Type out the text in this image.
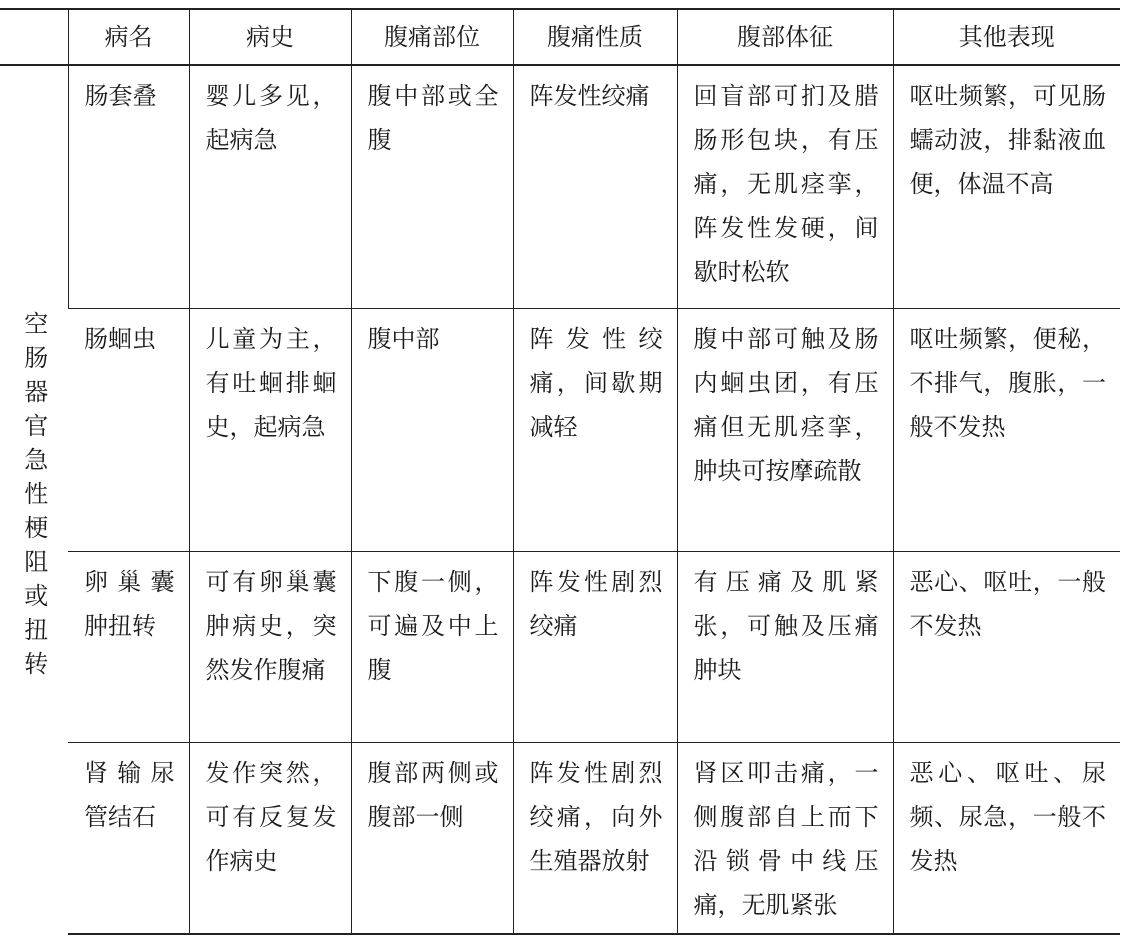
	病名	病史	腹痛部位	腹痛性质	腹部体征	其他表现
空肠器官急性梗阻或扭转	肠套叠	婴儿多见，起病急	腹中部或全腹	阵发性绞痛	回盲部可扪及腊肠形包块，有压痛，无肌痉挛，阵发性发硬，间歇时松软	呕吐频繁，可见肠蠕动波，排黏液血便，体温不高
	肠蛔虫	儿童为主，有吐蛔排蛔史，起病急	腹中部	阵发性绞痛，间歇期减轻	腹中部可触及肠内蛔虫团，有压痛但无肌痉挛，肿块可按摩疏散	呕吐频繁，便秘，不排气，腹胀，一般不发热
	卵巢囊肿扭转	可有卵巢囊肿病史，突然发作腹痛	下腹一侧，可遍及中上腹	阵发性剧烈绞痛	有压痛及肌紧张，可触及压痛肿块	恶心、呕吐，一般不发热
	肾输尿管结石	发作突然，可有反复发作病史	腹部两侧或腹部一侧	阵发性剧烈绞痛，向外生殖器放射	肾区叩击痛，一侧腹部自上而下沿锁骨中线压痛，无肌紧张	恶心、呕吐、尿频、尿急，一般不发热
